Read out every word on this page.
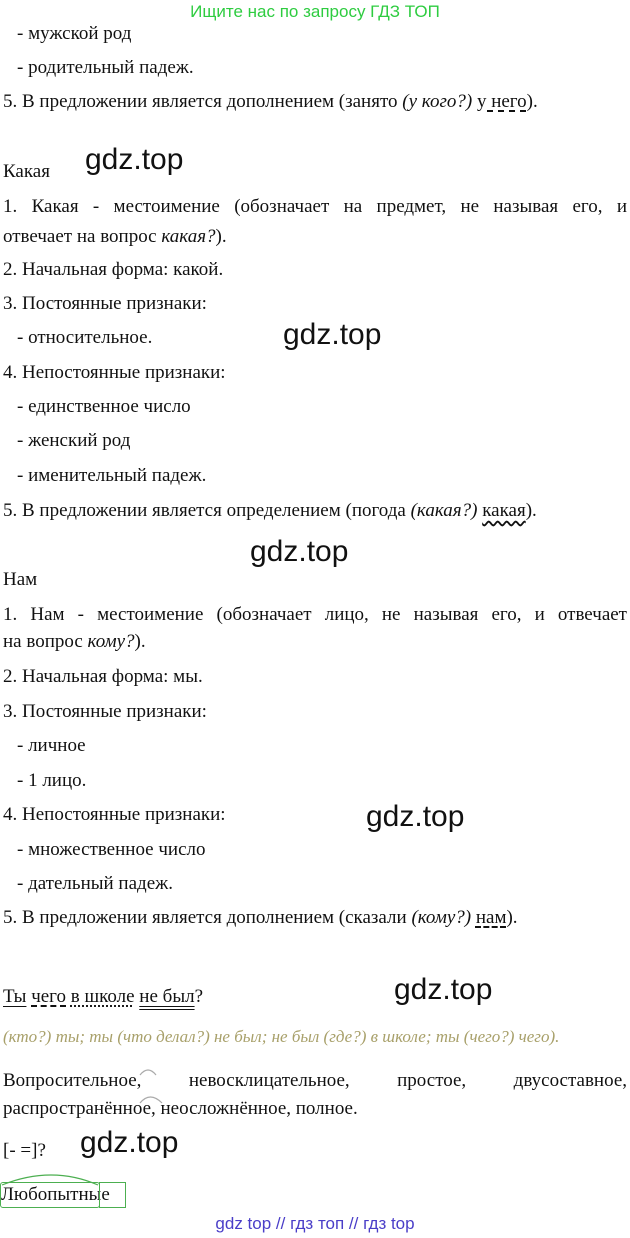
Ищите нас по запросу ГДЗ ТОП
- мужской род
- родительный падеж.
5. В предложении является дополнением (занято (у кого?) у него).
Какая gdz.top
1. Какая - местоимение (обозначает на предмет, не называя его, и
отвечает на вопрос какая?).
2. Начальная форма: какой.
3. Постоянные признаки:
- относительное.	gdz.top
4. Непостоянные признаки:
- единственное число
- женский род
- именительный падеж.
5. В предложении является определением (погода (какая?) какая).
gdz.top
Нам
1. Нам - местоимение (обозначает лицо, не называя его, и отвечает
на вопрос кому?).
2. Начальная форма: мы.
3. Постоянные признаки:
- личное
- 1 лицо.
4. Непостоянные признаки:	gdz.top
- множественное число
- дательный падеж.
5. В предложении является дополнением (сказали (кому?) нам).
Ты чего в школе не был?	gdz.top
(кто?) ты; ты (что делал?) не был; не был (где?) в школе; ты (чего?) чего).
Вопросительное, невосклицательное, простое, двусоставное,
распространённое, неосложнённое, полное.
[- =]? gdz.top
Любопытные
gdz top // гдз топ // гдз top
